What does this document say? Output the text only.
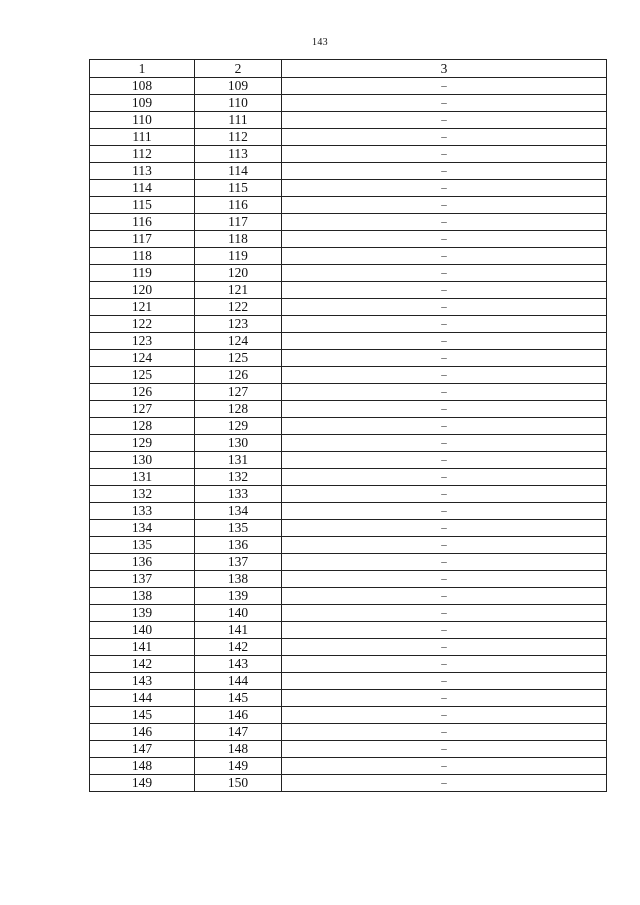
143
1	2	3
108	109	–
109	110	–
110	111	–
111	112	–
112	113	–
113	114	–
114	115	–
115	116	–
116	117	–
117	118	–
118	119	–
119	120	–
120	121	–
121	122	–
122	123	–
123	124	–
124	125	–
125	126	–
126	127	–
127	128	–
128	129	–
129	130	–
130	131	–
131	132	–
132	133	–
133	134	–
134	135	–
135	136	–
136	137	–
137	138	–
138	139	–
139	140	–
140	141	–
141	142	–
142	143	–
143	144	–
144	145	–
145	146	–
146	147	–
147	148	–
148	149	–
149	150	–
